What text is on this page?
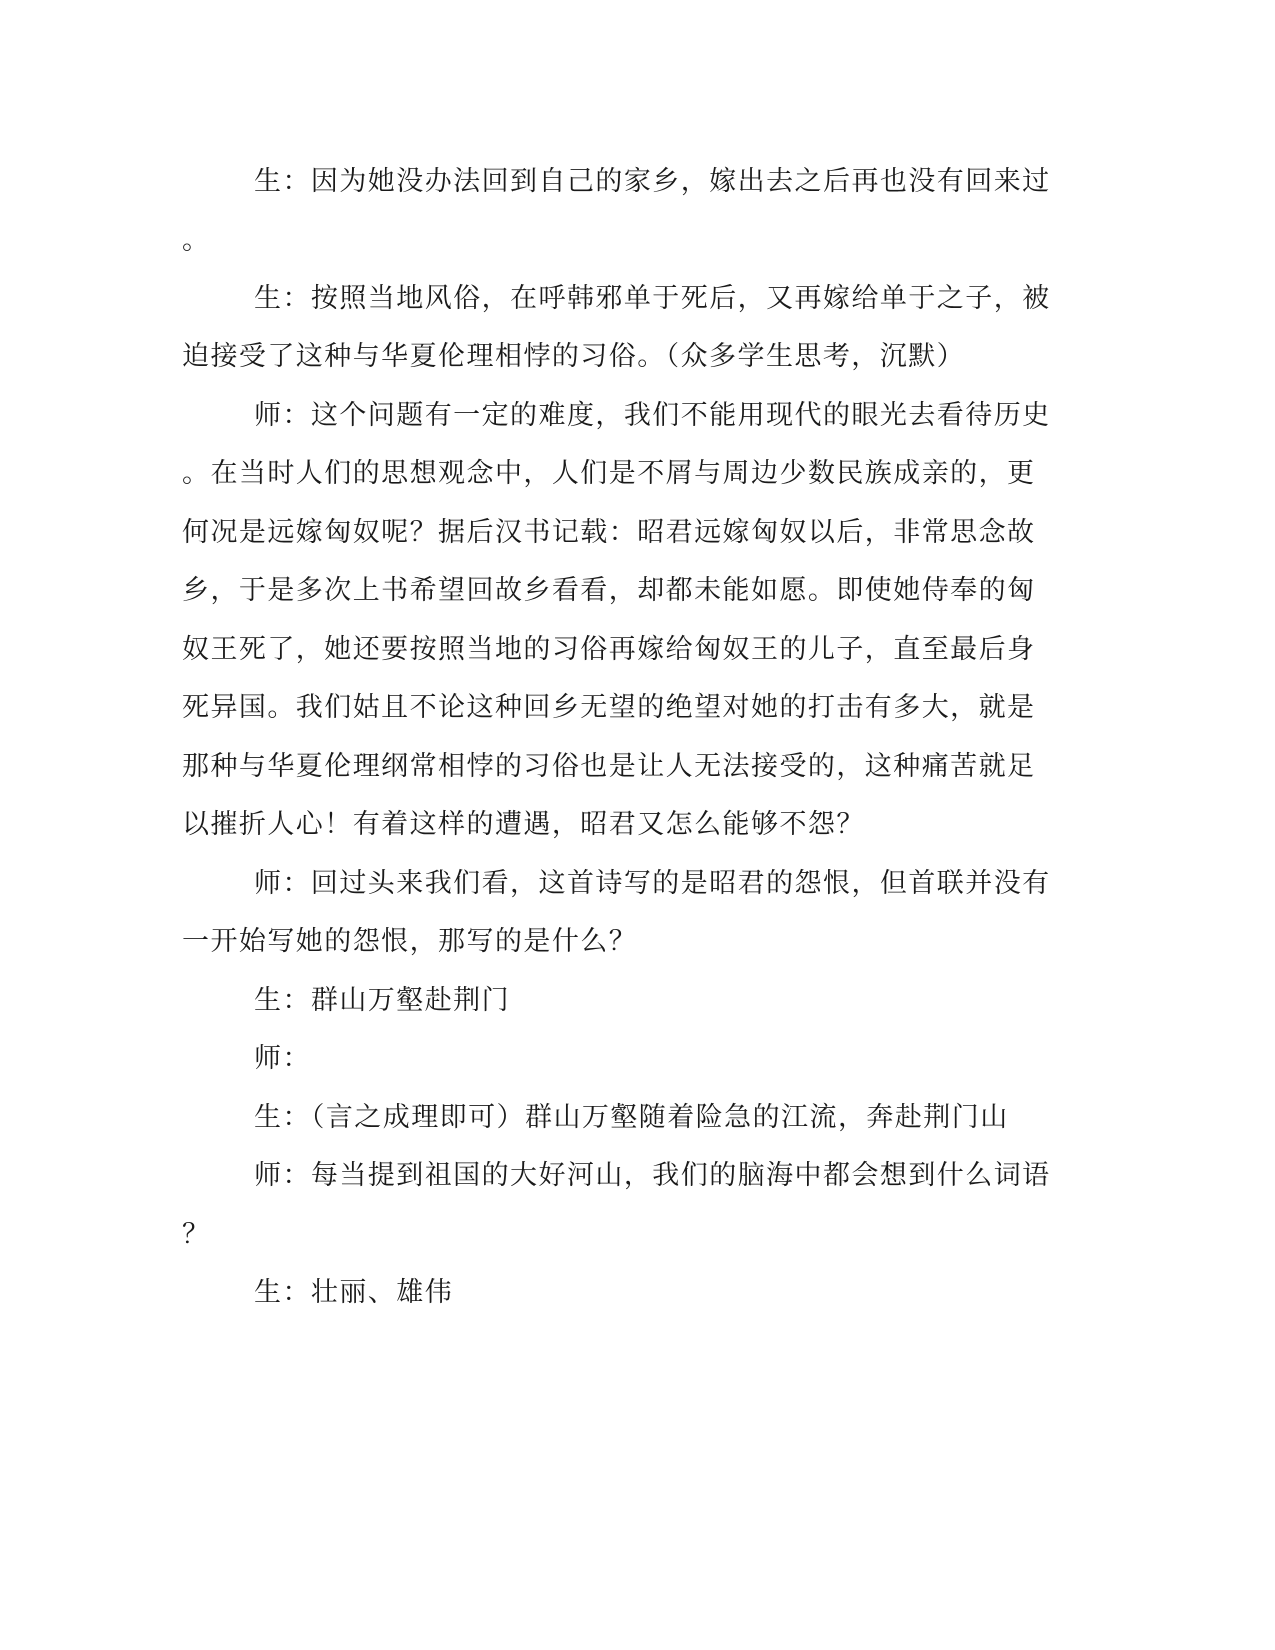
生：因为她没办法回到自己的家乡，嫁出去之后再也没有回来过
。
生：按照当地风俗，在呼韩邪单于死后，又再嫁给单于之子，被
迫接受了这种与华夏伦理相悖的习俗。（众多学生思考，沉默）
师：这个问题有一定的难度，我们不能用现代的眼光去看待历史
。在当时人们的思想观念中，人们是不屑与周边少数民族成亲的，更
何况是远嫁匈奴呢？据后汉书记载：昭君远嫁匈奴以后，非常思念故
乡，于是多次上书希望回故乡看看，却都未能如愿。即使她侍奉的匈
奴王死了，她还要按照当地的习俗再嫁给匈奴王的儿子，直至最后身
死异国。我们姑且不论这种回乡无望的绝望对她的打击有多大，就是
那种与华夏伦理纲常相悖的习俗也是让人无法接受的，这种痛苦就足
以摧折人心！有着这样的遭遇，昭君又怎么能够不怨？
师：回过头来我们看，这首诗写的是昭君的怨恨，但首联并没有
一开始写她的怨恨，那写的是什么？
生：群山万壑赴荆门
师：
生：（言之成理即可）群山万壑随着险急的江流，奔赴荆门山
师：每当提到祖国的大好河山，我们的脑海中都会想到什么词语
？
生：壮丽、雄伟
